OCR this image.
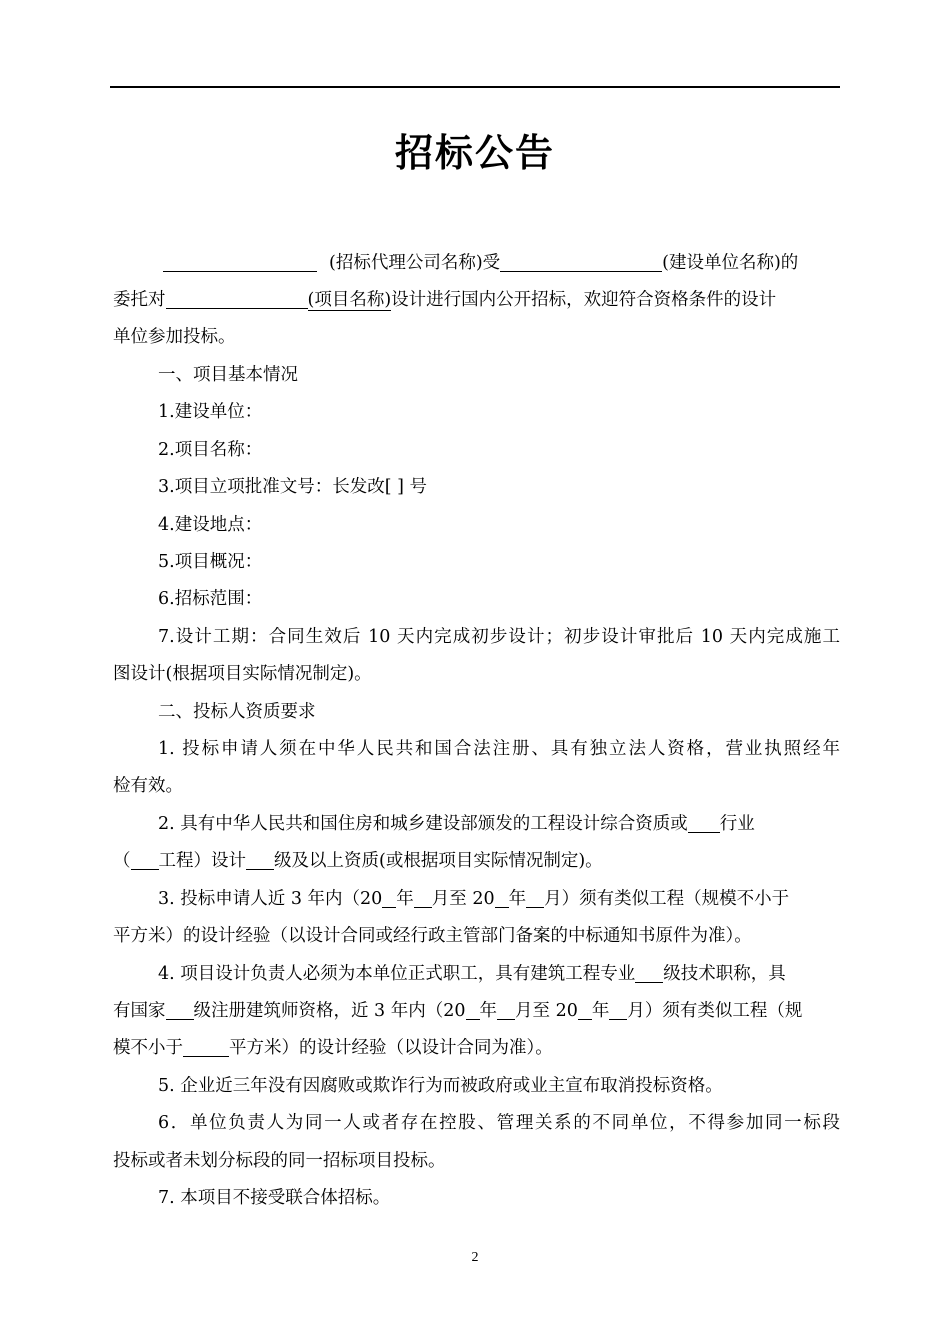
招标公告
(招标代理公司名称)受	(建设单位名称)的
委托对	(项目名称)设计进行国内公开招标，欢迎符合资格条件的设计
单位参加投标。
一、项目基本情况
1.建设单位：
2.项目名称：
3.项目立项批准文号：长发改[ ] 号
4.建设地点：
5.项目概况：
6.招标范围：
7.设计工期：合同生效后 10 天内完成初步设计；初步设计审批后 10 天内完成施工
图设计(根据项目实际情况制定)。
二、投标人资质要求
1. 投标申请人须在中华人民共和国合法注册、具有独立法人资格，营业执照经年
检有效。
2. 具有中华人民共和国住房和城乡建设部颁发的工程设计综合资质或 行业
（ 工程）设计 级及以上资质(或根据项目实际情况制定)。
3. 投标申请人近 3 年内（20 年 月至 20 年 月）须有类似工程（规模不小于
平方米）的设计经验（以设计合同或经行政主管部门备案的中标通知书原件为准）。
4. 项目设计负责人必须为本单位正式职工，具有建筑工程专业 级技术职称，具
有国家 级注册建筑师资格，近 3 年内（20 年 月至 20 年 月）须有类似工程（规
模不小于	平方米）的设计经验（以设计合同为准）。
5. 企业近三年没有因腐败或欺诈行为而被政府或业主宣布取消投标资格。
6．单位负责人为同一人或者存在控股、管理关系的不同单位，不得参加同一标段
投标或者未划分标段的同一招标项目投标。
7. 本项目不接受联合体招标。
2
